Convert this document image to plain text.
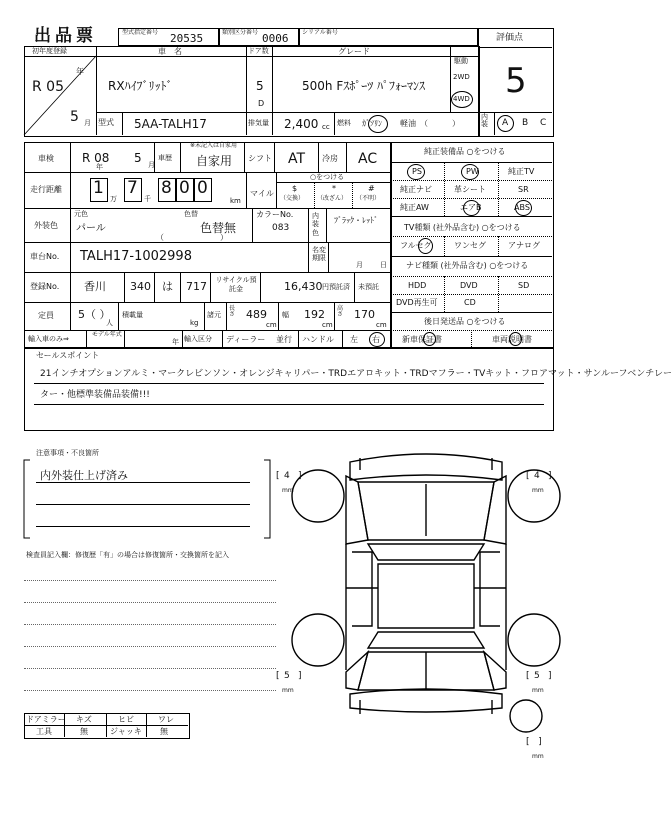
出品票	型式指定番号 20535	類別区分番号 0006 シリアル番号
評価点
5
初年度登録
R 05
年
5 月
車　名
RXﾊｲﾌﾞﾘｯﾄﾞ
ドア数
5
D
グレード
500h Fｽﾎﾟｰﾂ ﾊﾟﾌｫｰﾏﾝｽ
駆動
2WD
4WD
型式 5AA-TALH17	排気量 2,400 cc 燃料 ｶﾞｿﾘﾝ 軽油 （　　　）
内装	A B C
車検 R 08
年
5 月
車歴
※未記入は自家用
自家用 シフト AT 冷房 AC
走行距離 1
万
7
千
8 0 0
km
マイル
○をつける
$
（交換）
*
（改ざん）
#
（不明）
外装色
元色
パール
色替
色替無
（　　　　　　　）
カラーNo.
083
内装色
ﾌﾞﾗｯｸ・ﾚｯﾄﾞ
車台No. TALH17-1002998	名変期限
月 日
登録No. 香川 340 は 717 リサイクル預託金	16,430 円預託済 未預託
定員 5（ ）
人
積載量
kg
諸元
長さ 489
cm
幅 192
cm
高さ 170
cm
輸入車のみ⇒
モデル年式
年 輸入区分 ディーラー 並行 ハンドル 左 右
純正装備品 ○をつける
PS	PW	純正TV
純正ナビ	革シート	SR
純正AW	エアB	ABS
TV種類 (社外品含む) ○をつける
フルセグ	ワンセグ	アナログ
ナビ種類 (社外品含む) ○をつける
HDD	DVD	SD
DVD再生可	CD
後日発送品 ○をつける
新車保証書	車両説明書
セールスポイント
21インチオプションアルミ・マークレビンソン・オレンジキャリパー・TRDエアロキット・TRDマフラー・TVキット・フロアマット・サンルーフベンチレー
ター・他標準装備品装備!!!
注意事項・不良箇所
内外装仕上げ済み
検査員記入欄：修復歴「有」の場合は修復箇所・交換箇所を記入
ドアミラー キズ	ヒビ	ワレ
工具	無	ジャッキ 無
[ 4 ]
mm
[ 4 ]
mm
[ 5 ]
mm
[ 5 ]
mm
[   ]
mm
